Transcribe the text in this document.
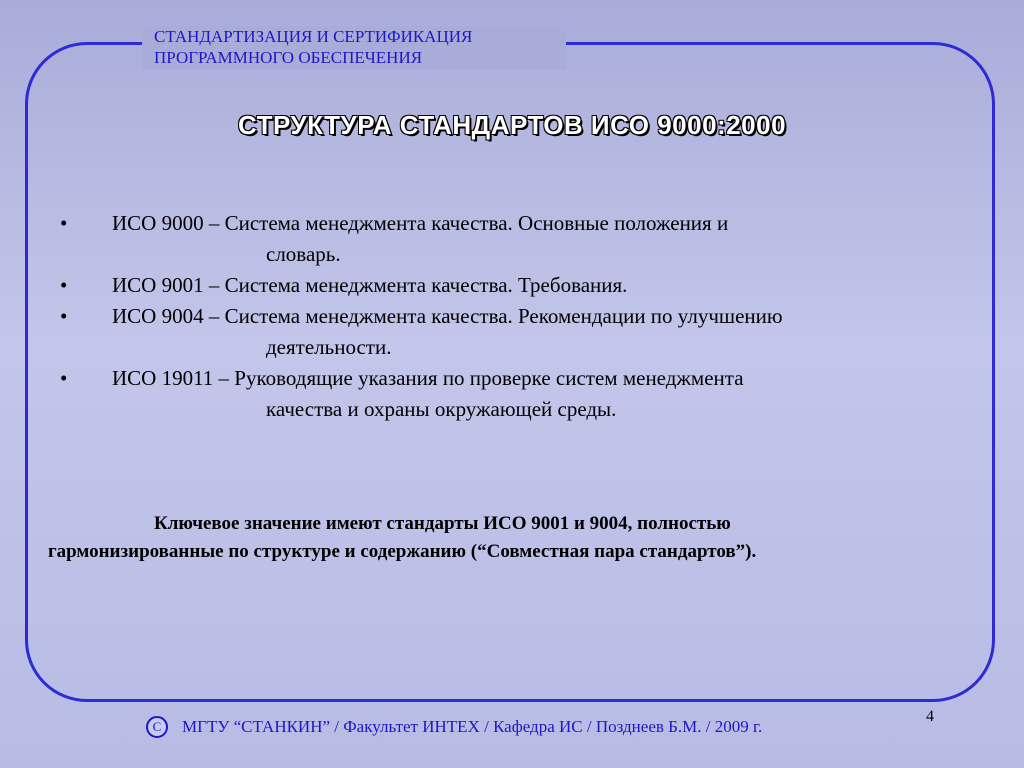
СТАНДАРТИЗАЦИЯ И СЕРТИФИКАЦИЯ
ПРОГРАММНОГО ОБЕСПЕЧЕНИЯ
СТРУКТУРА СТАНДАРТОВ ИСО 9000:2000
• ИСО 9000 – Система менеджмента качества. Основные положения и
словарь.
• ИСО 9001 – Система менеджмента качества. Требования.
• ИСО 9004 – Система менеджмента качества. Рекомендации по улучшению
деятельности.
• ИСО 19011 – Руководящие указания по проверке систем менеджмента
качества и охраны окружающей среды.
Ключевое значение имеют стандарты ИСО 9001 и 9004, полностью
гармонизированные по структуре и содержанию (“Совместная пара стандартов”).
C	МГТУ “СТАНКИН” / Факультет ИНТЕХ / Кафедра ИС / Позднеев Б.М. / 2009 г.
4
